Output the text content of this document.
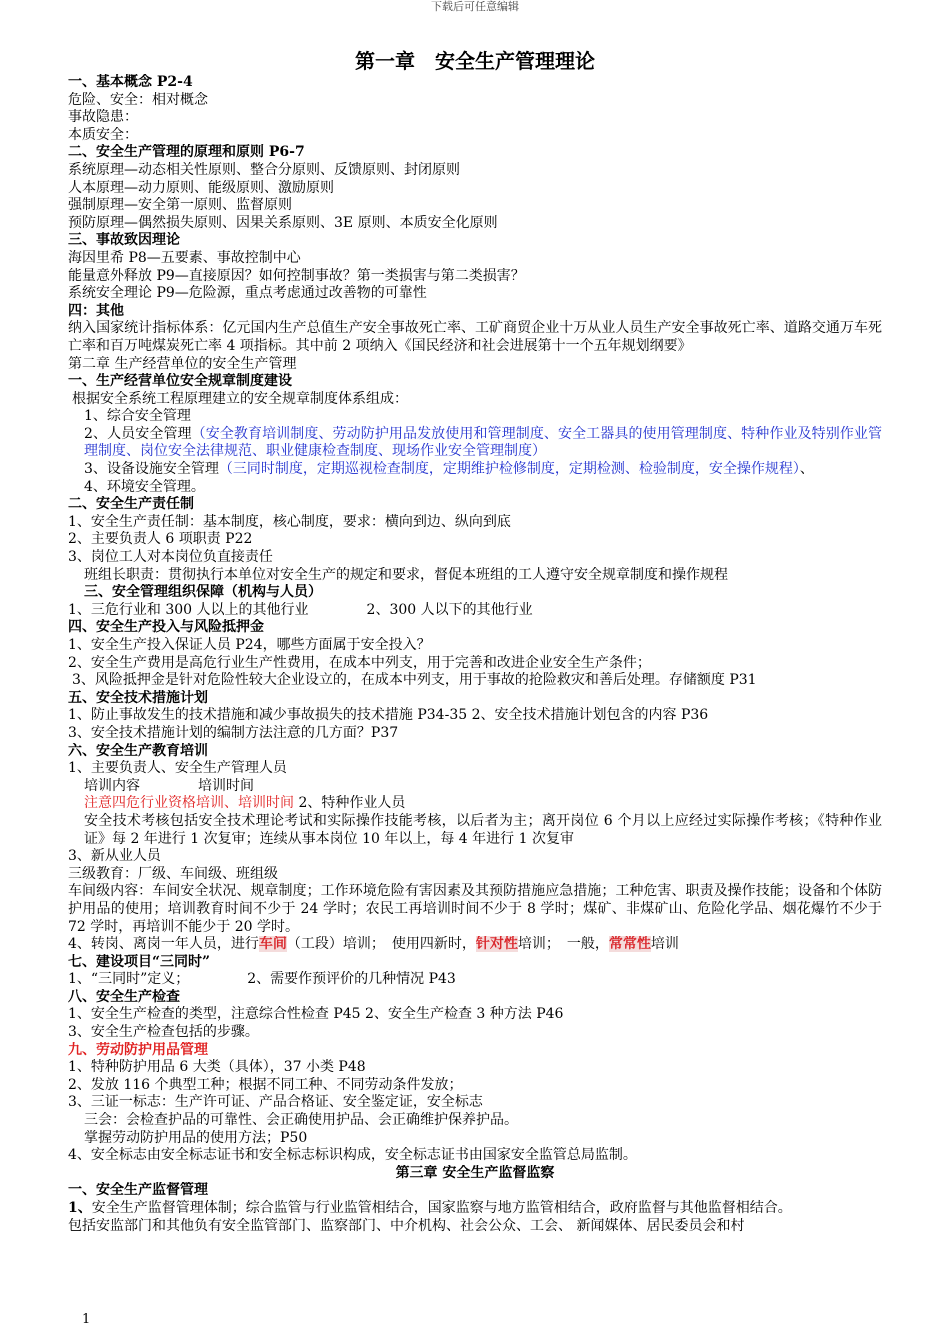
下载后可任意编辑
第一章　安全生产管理理论
一、基本概念 P2-4
危险、安全：相对概念
事故隐患：
本质安全：
二、安全生产管理的原理和原则 P6-7
系统原理—动态相关性原则、整合分原则、反馈原则、封闭原则
人本原理—动力原则、能级原则、激励原则
强制原理—安全第一原则、监督原则
预防原理—偶然损失原则、因果关系原则、3E 原则、本质安全化原则
三、事故致因理论
海因里希 P8—五要素、事故控制中心
能量意外释放 P9—直接原因？如何控制事故？第一类损害与第二类损害？
系统安全理论 P9—危险源，重点考虑通过改善物的可靠性
四：其他
纳入国家统计指标体系：亿元国内生产总值生产安全事故死亡率、工矿商贸企业十万从业人员生产安全事故死亡率、道路交通万车死亡率和百万吨煤炭死亡率 4 项指标。其中前 2 项纳入《国民经济和社会进展第十一个五年规划纲要》
第二章 生产经营单位的安全生产管理
一、生产经营单位安全规章制度建设
根据安全系统工程原理建立的安全规章制度体系组成：
1、综合安全管理
2、人员安全管理（安全教育培训制度、劳动防护用品发放使用和管理制度、安全工器具的使用管理制度、特种作业及特别作业管理制度、岗位安全法律规范、职业健康检查制度、现场作业安全管理制度）
3、设备设施安全管理（三同时制度，定期巡视检查制度，定期维护检修制度，定期检测、检验制度，安全操作规程）、
4、环境安全管理。
二、安全生产责任制
1、安全生产责任制：基本制度，核心制度，要求：横向到边、纵向到底
2、主要负责人 6 项职责 P22
3、岗位工人对本岗位负直接责任
班组长职责：贯彻执行本单位对安全生产的规定和要求，督促本班组的工人遵守安全规章制度和操作规程
三、安全管理组织保障（机构与人员）
1、三危行业和 300 人以上的其他行业	2、300 人以下的其他行业
四、安全生产投入与风险抵押金
1、安全生产投入保证人员 P24，哪些方面属于安全投入？
2、安全生产费用是高危行业生产性费用，在成本中列支，用于完善和改进企业安全生产条件；
3、风险抵押金是针对危险性较大企业设立的，在成本中列支，用于事故的抢险救灾和善后处理。存储额度 P31
五、安全技术措施计划
1、防止事故发生的技术措施和减少事故损失的技术措施 P34-35 2、安全技术措施计划包含的内容 P36
3、安全技术措施计划的编制方法注意的几方面？P37
六、安全生产教育培训
1、主要负责人、安全生产管理人员
培训内容	培训时间
注意四危行业资格培训、培训时间 2、特种作业人员
安全技术考核包括安全技术理论考试和实际操作技能考核，以后者为主；离开岗位 6 个月以上应经过实际操作考核；《特种作业证》每 2 年进行 1 次复审；连续从事本岗位 10 年以上，每 4 年进行 1 次复审
3、新从业人员
三级教育：厂级、车间级、班组级
车间级内容：车间安全状况、规章制度；工作环境危险有害因素及其预防措施应急措施；工种危害、职责及操作技能；设备和个体防护用品的使用；培训教育时间不少于 24 学时；农民工再培训时间不少于 8 学时；煤矿、非煤矿山、危险化学品、烟花爆竹不少于 72 学时，再培训不能少于 20 学时。
4、转岗、离岗一年人员，进行车间（工段）培训；　使用四新时，针对性培训；　一般，常常性培训
七、建设项目“三同时”
1、“三同时”定义；	2、需要作预评价的几种情况 P43
八、安全生产检查
1、安全生产检查的类型，注意综合性检查 P45 2、安全生产检查 3 种方法 P46
3、安全生产检查包括的步骤。
九、劳动防护用品管理
1、特种防护用品 6 大类（具体），37 小类 P48
2、发放 116 个典型工种；根据不同工种、不同劳动条件发放；
3、三证一标志：生产许可证、产品合格证、安全鉴定证，安全标志
三会：会检查护品的可靠性、会正确使用护品、会正确维护保养护品。
掌握劳动防护用品的使用方法；P50
4、安全标志由安全标志证书和安全标志标识构成，安全标志证书由国家安全监管总局监制。
第三章 安全生产监督监察
一、安全生产监督管理
1、安全生产监督管理体制；综合监管与行业监管相结合，国家监察与地方监管相结合，政府监督与其他监督相结合。
包括安监部门和其他负有安全监管部门、监察部门、中介机构、社会公众、工会、 新闻媒体、居民委员会和村
1
